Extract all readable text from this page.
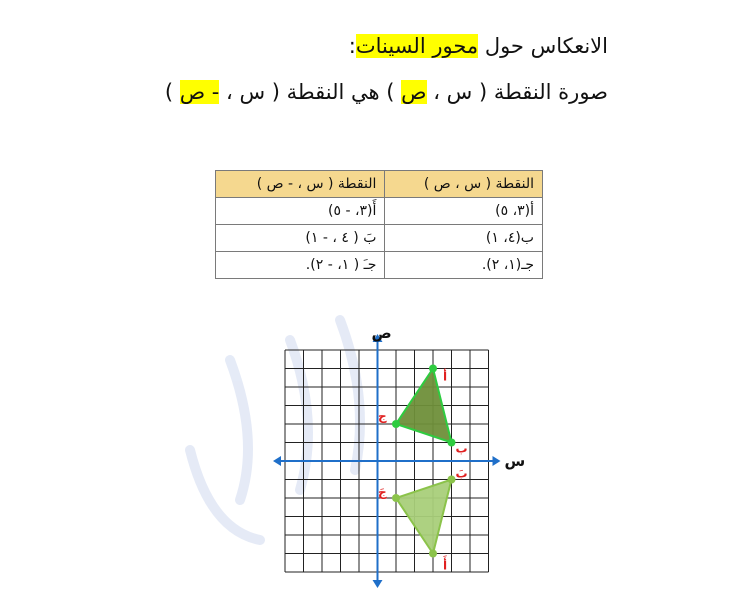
الانعكاس حول محور السينات:
صورة النقطة ( س ، ص ) هي النقطة ( س ، - ص )
النقطة ( س ، ص )	النقطة ( س ، - ص )
أ(٣، ٥)	أَ(٣، - ٥)
ب(٤، ١)	بَ ( ٤ ، - ١)
جـ(١، ٢).	جـَ ( ١، - ٢).
أ
ب
ج
أَ
بَ
جَ
ص
س
